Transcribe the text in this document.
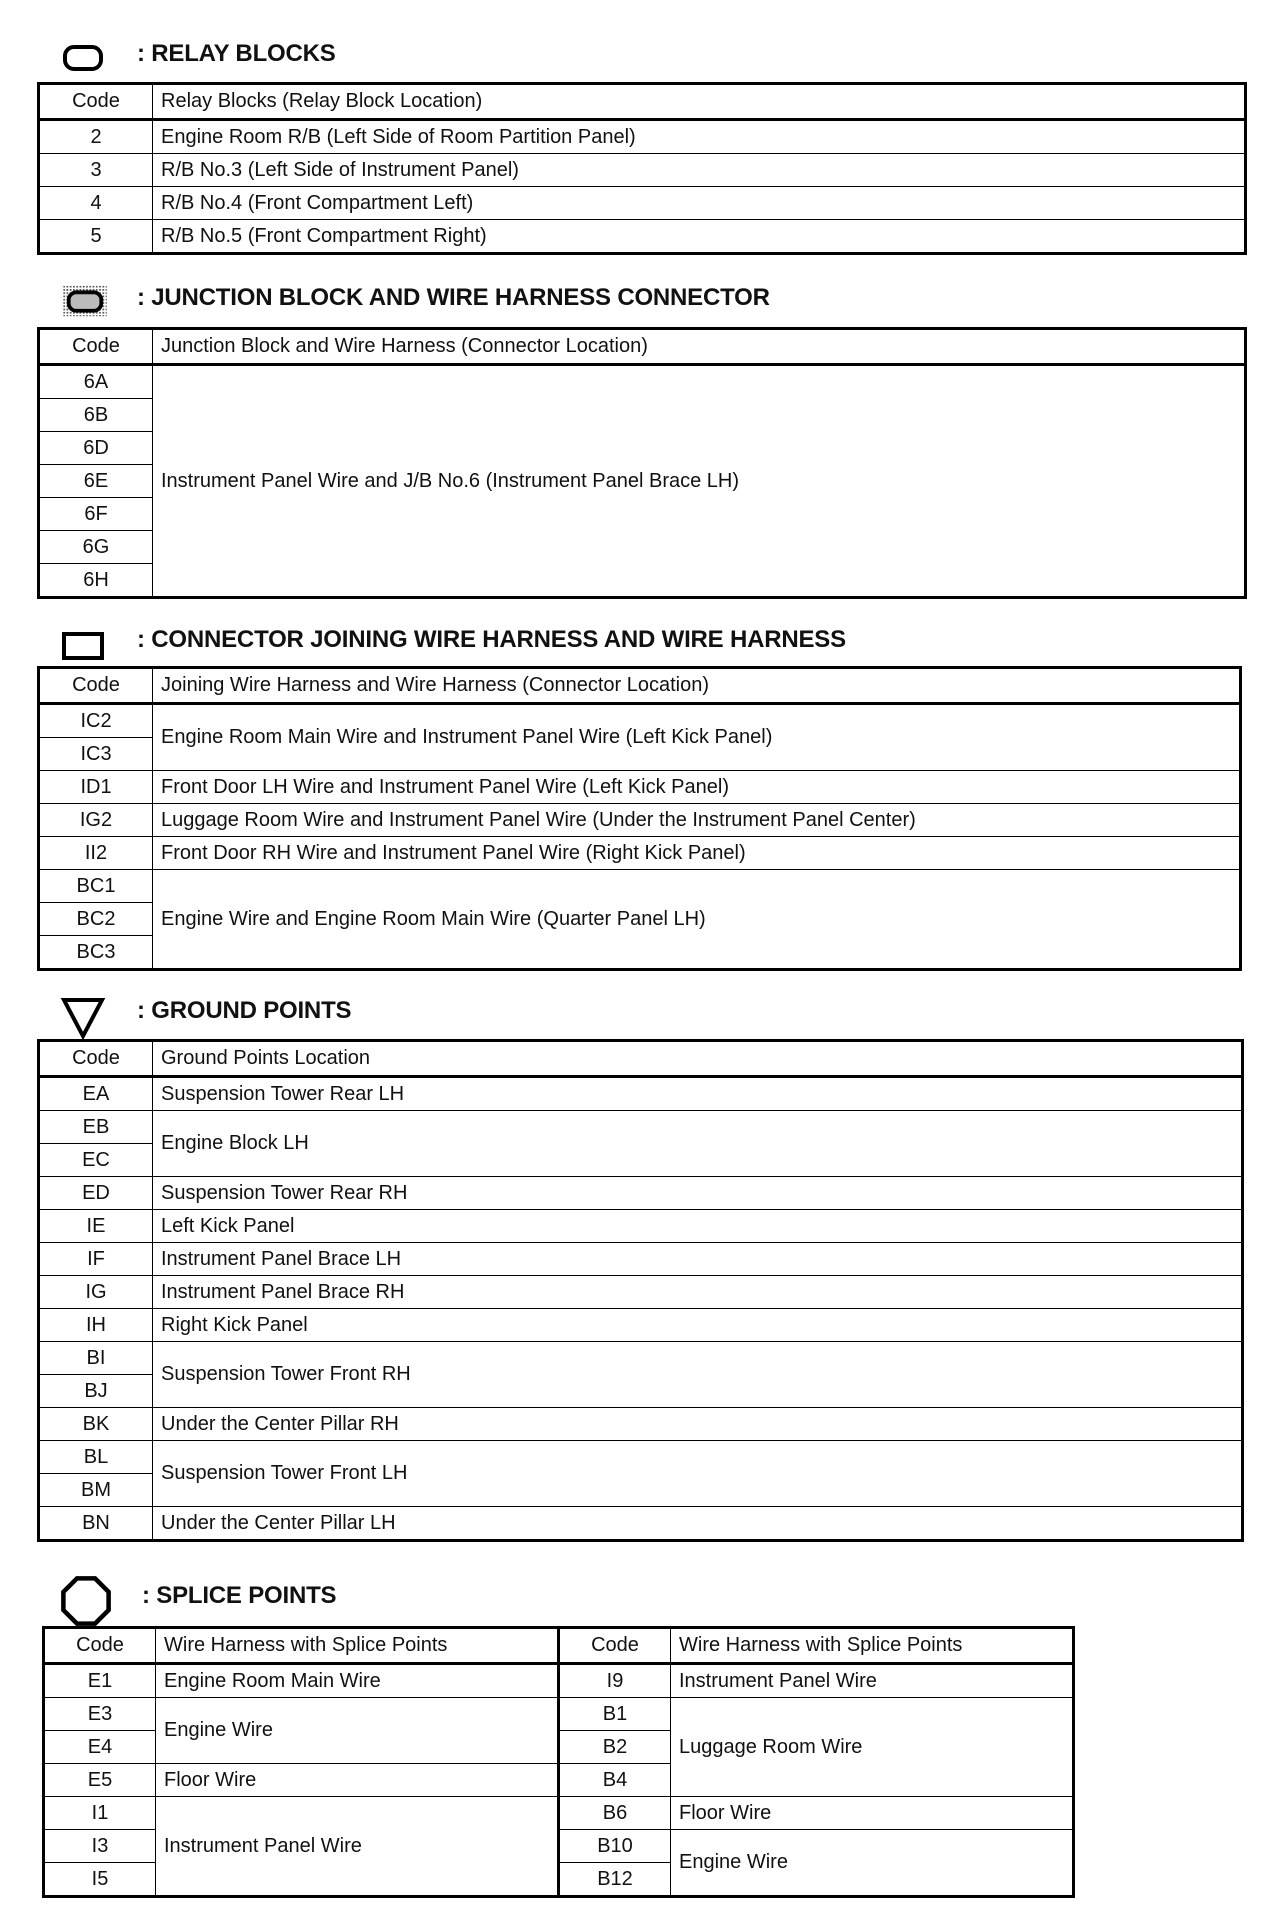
: RELAY BLOCKS
Code	Relay Blocks (Relay Block Location)
2	Engine Room R/B (Left Side of Room Partition Panel)
3	R/B No.3 (Left Side of Instrument Panel)
4	R/B No.4 (Front Compartment Left)
5	R/B No.5 (Front Compartment Right)
: JUNCTION BLOCK AND WIRE HARNESS CONNECTOR
Code	Junction Block and Wire Harness (Connector Location)
6A	Instrument Panel Wire and J/B No.6 (Instrument Panel Brace LH)
6B	
6D	
6E	
6F	
6G	
6H	
: CONNECTOR JOINING WIRE HARNESS AND WIRE HARNESS
Code	Joining Wire Harness and Wire Harness (Connector Location)
IC2	Engine Room Main Wire and Instrument Panel Wire (Left Kick Panel)
IC3	
ID1	Front Door LH Wire and Instrument Panel Wire (Left Kick Panel)
IG2	Luggage Room Wire and Instrument Panel Wire (Under the Instrument Panel Center)
II2	Front Door RH Wire and Instrument Panel Wire (Right Kick Panel)
BC1	Engine Wire and Engine Room Main Wire (Quarter Panel LH)
BC2	
BC3	
: GROUND POINTS
Code	Ground Points Location
EA	Suspension Tower Rear LH
EB	Engine Block LH
EC	
ED	Suspension Tower Rear RH
IE	Left Kick Panel
IF	Instrument Panel Brace LH
IG	Instrument Panel Brace RH
IH	Right Kick Panel
BI	Suspension Tower Front RH
BJ	
BK	Under the Center Pillar RH
BL	Suspension Tower Front LH
BM	
BN	Under the Center Pillar LH
: SPLICE POINTS
Code	Wire Harness with Splice Points	Code	Wire Harness with Splice Points
E1	Engine Room Main Wire	I9	Instrument Panel Wire
E3	Engine Wire	B1	Luggage Room Wire
E4		B2	
E5	Floor Wire	B4	
I1	Instrument Panel Wire	B6	Floor Wire
I3		B10	Engine Wire
I5		B12	
